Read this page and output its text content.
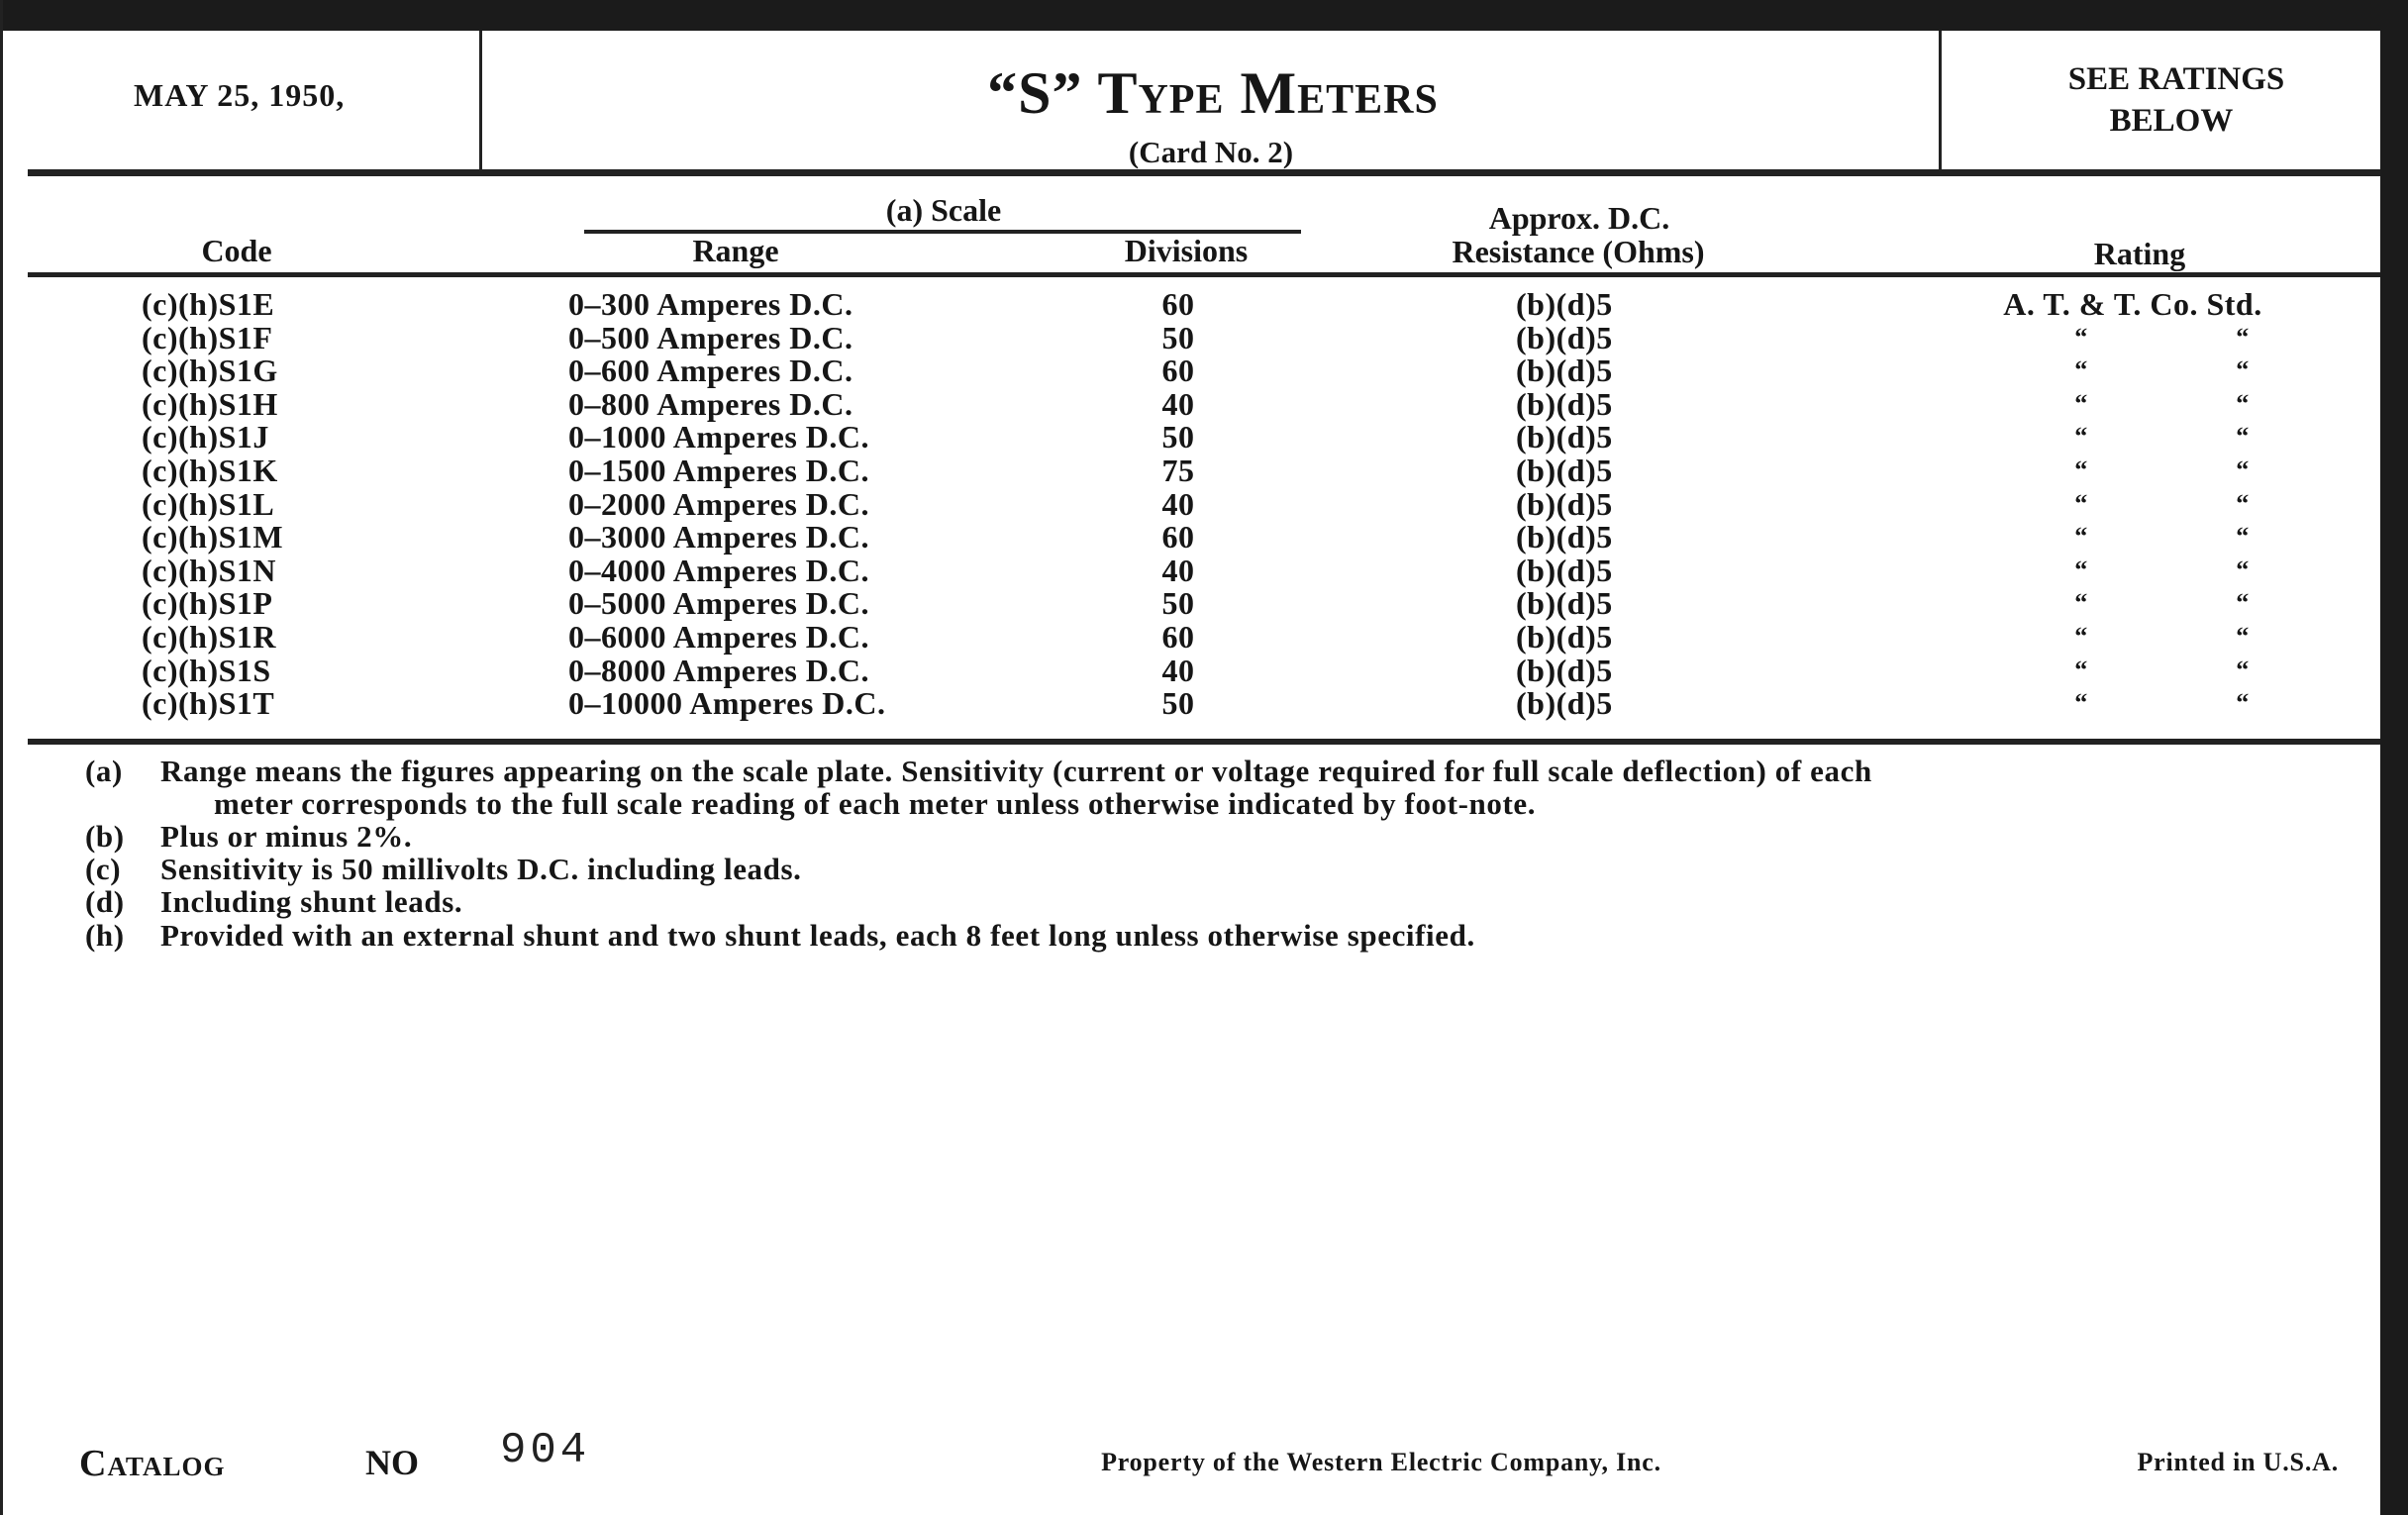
MAY 25, 1950,	“S” Type Meters
(Card No. 2)
SEE RATINGS
BELOW
(a) Scale
Code	Range	Divisions
Approx. D.C.
Resistance (Ohms)	Rating
(c)(h)S1E	0–300 Amperes D.C.	60	(b)(d)5	A. T. & T. Co. Std.
(c)(h)S1F	0–500 Amperes D.C.	50	(b)(d)5	“	“
(c)(h)S1G	0–600 Amperes D.C.	60	(b)(d)5	“	“
(c)(h)S1H	0–800 Amperes D.C.	40	(b)(d)5	“	“
(c)(h)S1J	0–1000 Amperes D.C.	50	(b)(d)5	“	“
(c)(h)S1K	0–1500 Amperes D.C.	75	(b)(d)5	“	“
(c)(h)S1L	0–2000 Amperes D.C.	40	(b)(d)5	“	“
(c)(h)S1M	0–3000 Amperes D.C.	60	(b)(d)5	“	“
(c)(h)S1N	0–4000 Amperes D.C.	40	(b)(d)5	“	“
(c)(h)S1P	0–5000 Amperes D.C.	50	(b)(d)5	“	“
(c)(h)S1R	0–6000 Amperes D.C.	60	(b)(d)5	“	“
(c)(h)S1S	0–8000 Amperes D.C.	40	(b)(d)5	“	“
(c)(h)S1T	0–10000 Amperes D.C.	50	(b)(d)5	“	“
(a) Range means the figures appearing on the scale plate. Sensitivity (current or voltage required for full scale deflection) of each
meter corresponds to the full scale reading of each meter unless otherwise indicated by foot-note.
(b) Plus or minus 2%.
(c) Sensitivity is 50 millivolts D.C. including leads.
(d) Including shunt leads.
(h) Provided with an external shunt and two shunt leads, each 8 feet long unless otherwise specified.
Catalog	NO 904	Property of the Western Electric Company, Inc.	Printed in U.S.A.
